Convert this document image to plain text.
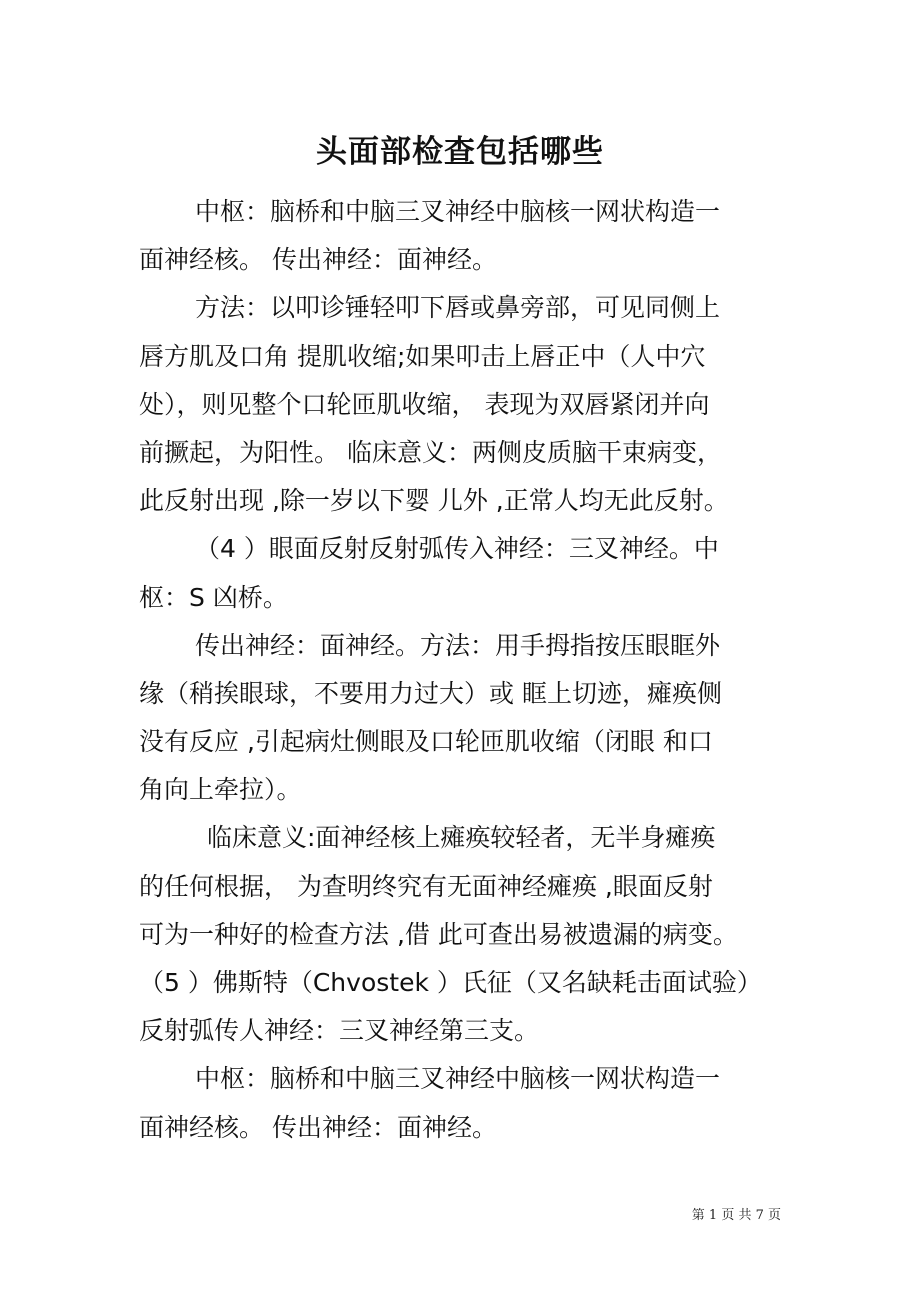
头面部检查包括哪些
中枢：脑桥和中脑三叉神经中脑核一网状构造一
面神经核。 传出神经：面神经。
方法：以叩诊锤轻叩下唇或鼻旁部，可见同侧上
唇方肌及口角 提肌收缩;如果叩击上唇正中（人中穴
处），则见整个口轮匝肌收缩， 表现为双唇紧闭并向
前撅起，为阳性。 临床意义：两侧皮质脑干束病变，
此反射出现 ,除一岁以下婴 儿外 ,正常人均无此反射。
（4 ）眼面反射反射弧传入神经：三叉神经。中
枢：S 凶桥。
传出神经：面神经。方法：用手拇指按压眼眶外
缘（稍挨眼球，不要用力过大）或 眶上切迹，瘫痪侧
没有反应 ,引起病灶侧眼及口轮匝肌收缩（闭眼 和口
角向上牵拉）。
临床意义:面神经核上瘫痪较轻者，无半身瘫痪
的任何根据， 为查明终究有无面神经瘫痪 ,眼面反射
可为一种好的检查方法 ,借 此可查出易被遗漏的病变。
（5 ）佛斯特（Chvostek ）氏征（又名缺耗击面试验）
反射弧传人神经：三叉神经第三支。
中枢：脑桥和中脑三叉神经中脑核一网状构造一
面神经核。 传出神经：面神经。
第 1 页 共 7 页
